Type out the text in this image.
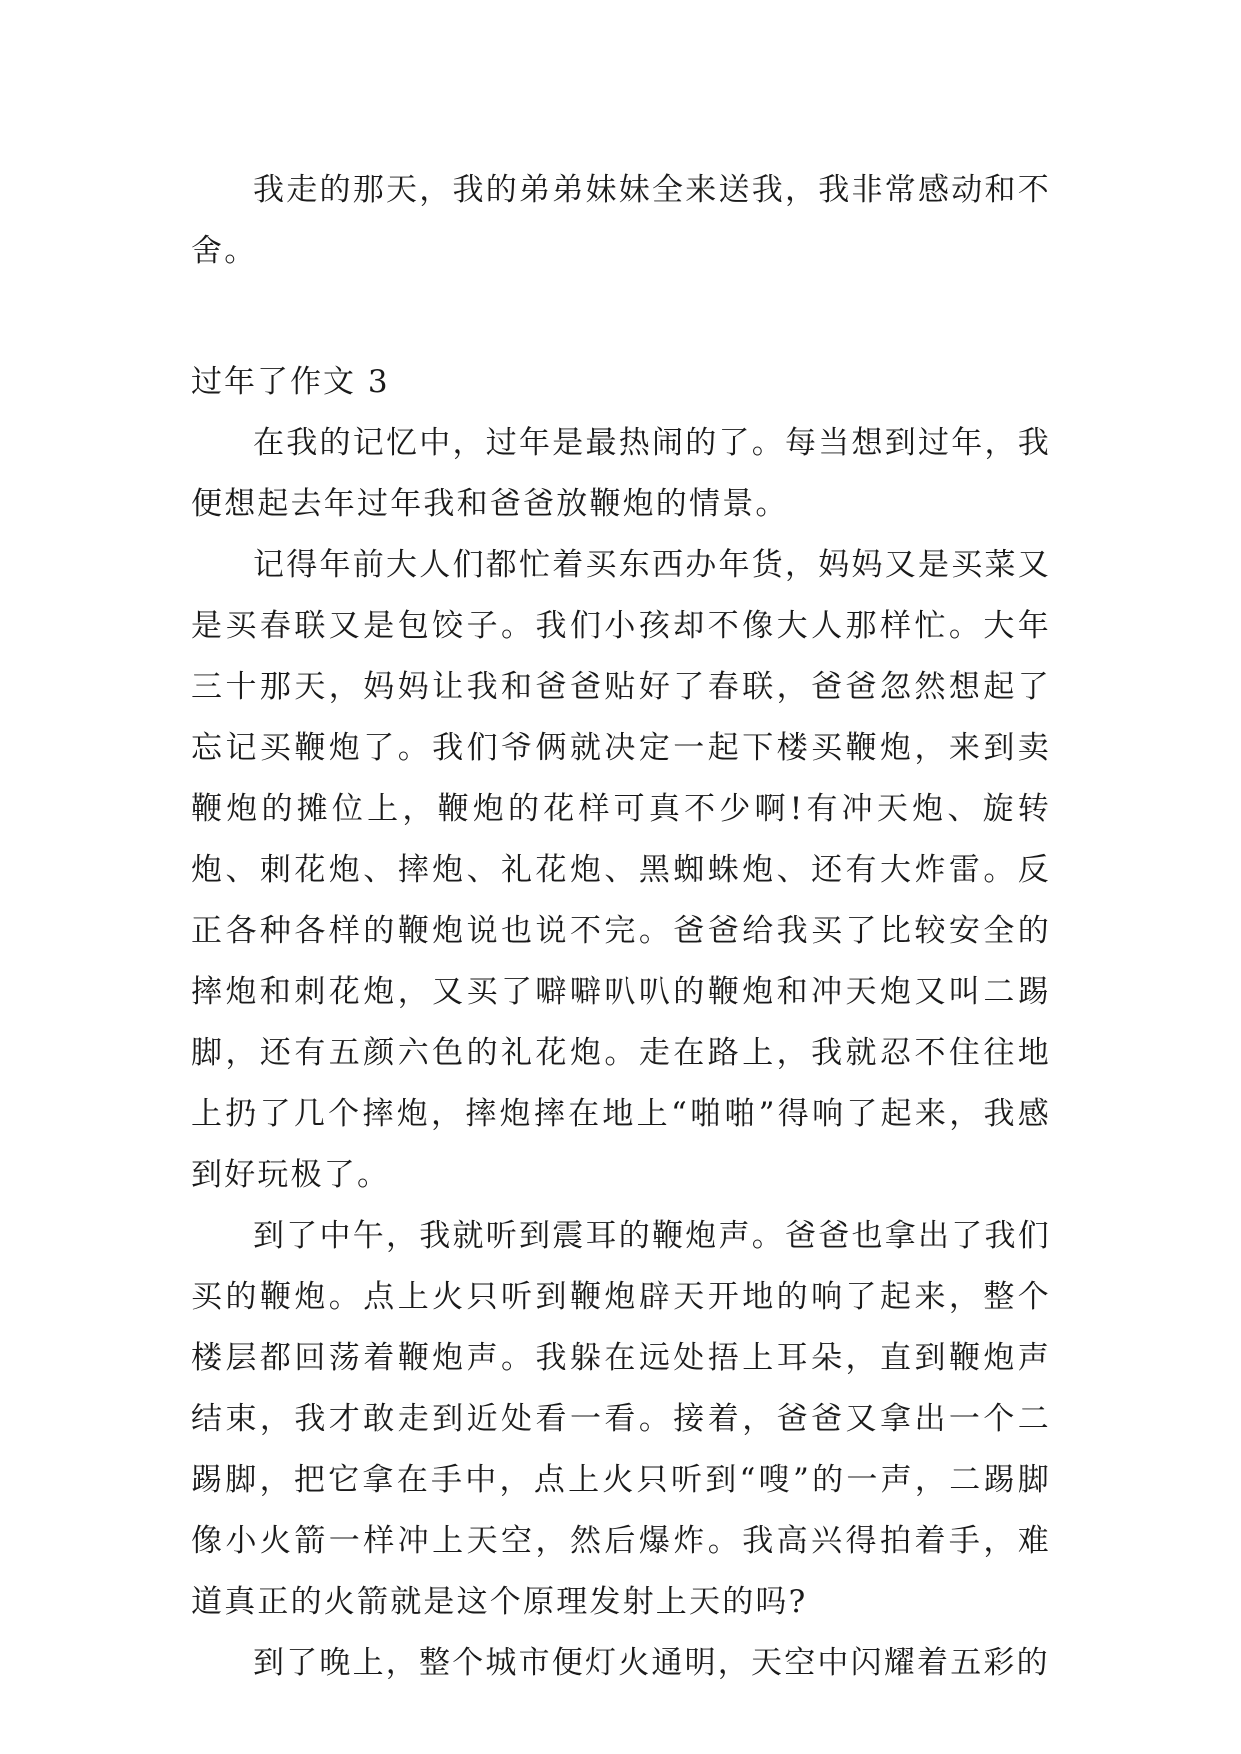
我走的那天，我的弟弟妹妹全来送我，我非常感动和不舍。

过年了作文 3

在我的记忆中，过年是最热闹的了。每当想到过年，我便想起去年过年我和爸爸放鞭炮的情景。

记得年前大人们都忙着买东西办年货，妈妈又是买菜又是买春联又是包饺子。我们小孩却不像大人那样忙。大年三十那天，妈妈让我和爸爸贴好了春联，爸爸忽然想起了忘记买鞭炮了。我们爷俩就决定一起下楼买鞭炮，来到卖鞭炮的摊位上，鞭炮的花样可真不少啊!有冲天炮、旋转炮、刺花炮、摔炮、礼花炮、黑蜘蛛炮、还有大炸雷。反正各种各样的鞭炮说也说不完。爸爸给我买了比较安全的摔炮和刺花炮，又买了噼噼叭叭的鞭炮和冲天炮又叫二踢脚，还有五颜六色的礼花炮。走在路上，我就忍不住往地上扔了几个摔炮，摔炮摔在地上“啪啪”得响了起来，我感到好玩极了。

到了中午，我就听到震耳的鞭炮声。爸爸也拿出了我们买的鞭炮。点上火只听到鞭炮辟天开地的响了起来，整个楼层都回荡着鞭炮声。我躲在远处捂上耳朵，直到鞭炮声结束，我才敢走到近处看一看。接着，爸爸又拿出一个二踢脚，把它拿在手中，点上火只听到“嗖”的一声，二踢脚像小火箭一样冲上天空，然后爆炸。我高兴得拍着手，难道真正的火箭就是这个原理发射上天的吗?

到了晚上，整个城市便灯火通明，天空中闪耀着五彩的
